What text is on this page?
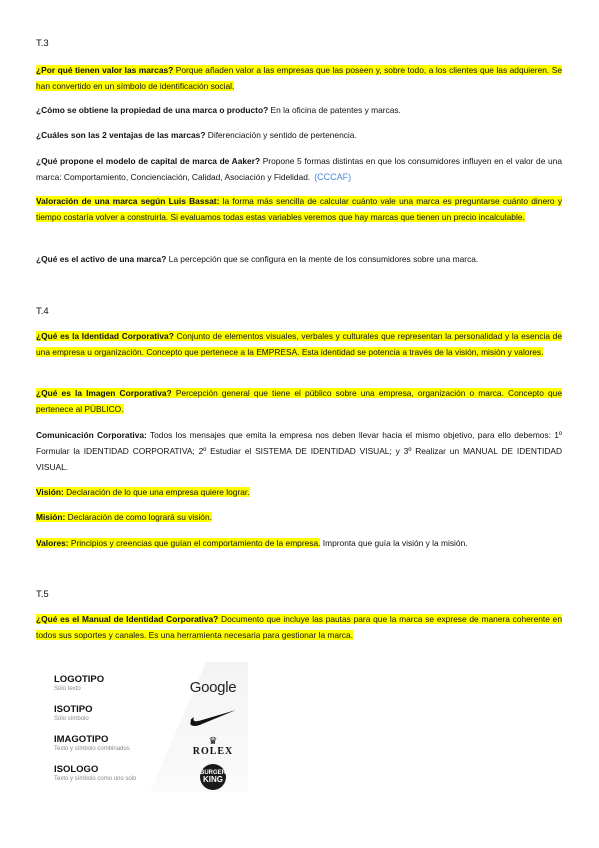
T.3
¿Por qué tienen valor las marcas? Porque añaden valor a las empresas que las poseen y, sobre todo, a los clientes que las adquieren. Se han convertido en un símbolo de identificación social.
¿Cómo se obtiene la propiedad de una marca o producto? En la oficina de patentes y marcas.
¿Cuáles son las 2 ventajas de las marcas? Diferenciación y sentido de pertenencia.
¿Qué propone el modelo de capital de marca de Aaker? Propone 5 formas distintas en que los consumidores influyen en el valor de una marca: Comportamiento, Concienciación, Calidad, Asociación y Fidelidad. (CCCAF)
Valoración de una marca según Luis Bassat: la forma más sencilla de calcular cuánto vale una marca es preguntarse cuánto dinero y tiempo costaría volver a construirla. Si evaluamos todas estas variables veremos que hay marcas que tienen un precio incalculable.
¿Qué es el activo de una marca? La percepción que se configura en la mente de los consumidores sobre una marca.
T.4
¿Qué es la Identidad Corporativa? Conjunto de elementos visuales, verbales y culturales que representan la personalidad y la esencia de una empresa u organización. Concepto que pertenece a la EMPRESA. Esta identidad se potencia a través de la visión, misión y valores.
¿Qué es la Imagen Corporativa? Percepción general que tiene el público sobre una empresa, organización o marca. Concepto que pertenece al PÚBLICO.
Comunicación Corporativa: Todos los mensajes que emita la empresa nos deben llevar hacia el mismo objetivo, para ello debemos: 1º Formular la IDENTIDAD CORPORATIVA; 2º Estudiar el SISTEMA DE IDENTIDAD VISUAL; y 3º Realizar un MANUAL DE IDENTIDAD VISUAL.
Visión: Declaración de lo que una empresa quiere lograr.
Misión: Declaración de como logrará su visión.
Valores: Principios y creencias que guían el comportamiento de la empresa. Impronta que guía la visión y la misión.
T.5
¿Qué es el Manual de Identidad Corporativa? Documento que incluye las pautas para que la marca se exprese de manera coherente en todos sus soportes y canales. Es una herramienta necesaria para gestionar la marca.
LOGOTIPO
Sólo texto	Google
ISOTIPO
Sólo símbolo
IMAGOTIPO
Texto y símbolo combinados
♛
ROLEX
ISOLOGO
Texto y símbolo como uno solo
BURGER
KING
